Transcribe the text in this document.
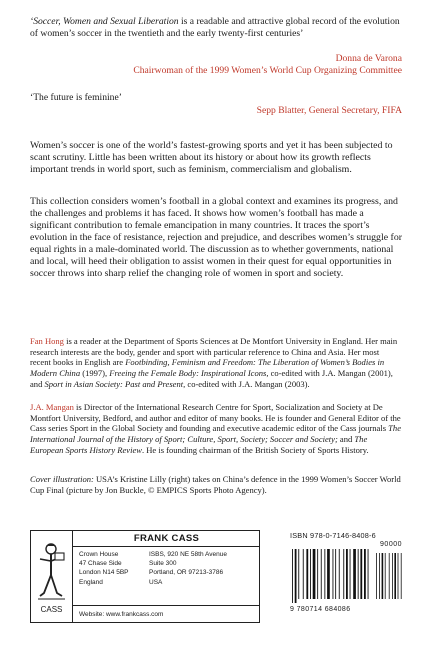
‘Soccer, Women and Sexual Liberation is a readable and attractive global record of the evolution of women’s soccer in the twentieth and the early twenty-first centuries’
Donna de Varona
Chairwoman of the 1999 Women’s World Cup Organizing Committee
‘The future is feminine’
Sepp Blatter, General Secretary, FIFA

Women’s soccer is one of the world’s fastest-growing sports and yet it has been subjected to scant scrutiny. Little has been written about its history or about how its growth reflects important trends in world sport, such as feminism, commercialism and globalism.

This collection considers women’s football in a global context and examines its progress, and the challenges and problems it has faced. It shows how women’s football has made a significant contribution to female emancipation in many countries. It traces the sport’s evolution in the face of resistance, rejection and prejudice, and describes women’s struggle for equal rights in a male-dominated world. The discussion as to whether governments, national and local, will heed their obligation to assist women in their quest for equal opportunities in soccer throws into sharp relief the changing role of women in sport and society.

Fan Hong is a reader at the Department of Sports Sciences at De Montfort University in England. Her main research interests are the body, gender and sport with particular reference to China and Asia. Her most recent books in English are Footbinding, Feminism and Freedom: The Liberation of Women’s Bodies in Modern China (1997), Freeing the Female Body: Inspirational Icons, co-edited with J.A. Mangan (2001), and Sport in Asian Society: Past and Present, co-edited with J.A. Mangan (2003).

J.A. Mangan is Director of the International Research Centre for Sport, Socialization and Society at De Montfort University, Bedford, and author and editor of many books. He is founder and General Editor of the Cass series Sport in the Global Society and founding and executive academic editor of the Cass journals The International Journal of the History of Sport; Culture, Sport, Society; Soccer and Society; and The European Sports History Review. He is founding chairman of the British Society of Sports History.

Cover illustration: USA’s Kristine Lilly (right) takes on China’s defence in the 1999 Women’s Soccer World Cup Final (picture by Jon Buckle, © EMPICS Sports Photo Agency).

CASS
FRANK CASS
Crown House
47 Chase Side
London N14 5BP
England
ISBS, 920 NE 58th Avenue
Suite 300
Portland, OR 97213-3786
USA
Website: www.frankcass.com
ISBN 978-0-7146-8408-6
90000
9 780714 684086
